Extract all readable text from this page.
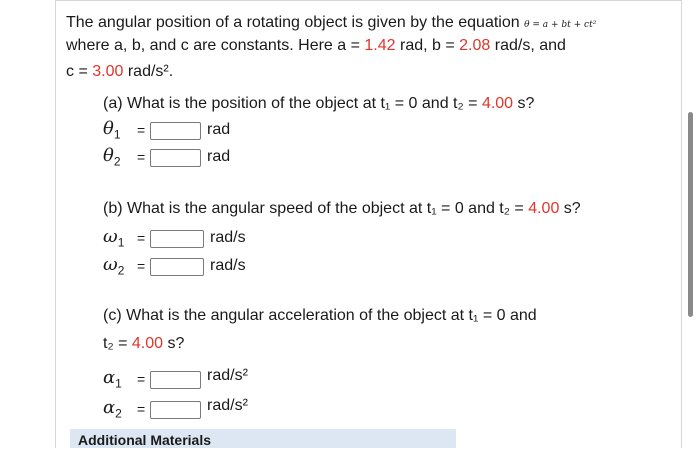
The angular position of a rotating object is given by the equation θ = a + bt + ct²
where a, b, and c are constants. Here a = 1.42 rad, b = 2.08 rad/s, and
c = 3.00 rad/s².
(a) What is the position of the object at t₁ = 0 and t₂ = 4.00 s?
$\theta_1$ =	rad
$\theta_2$ =	rad
(b) What is the angular speed of the object at t₁ = 0 and t₂ = 4.00 s?
$\omega_1$ =	rad/s
$\omega_2$ =	rad/s
(c) What is the angular acceleration of the object at t₁ = 0 and
t₂ = 4.00 s?
$\alpha_1$ =	rad/s²
$\alpha_2$ =	rad/s²
Additional Materials
